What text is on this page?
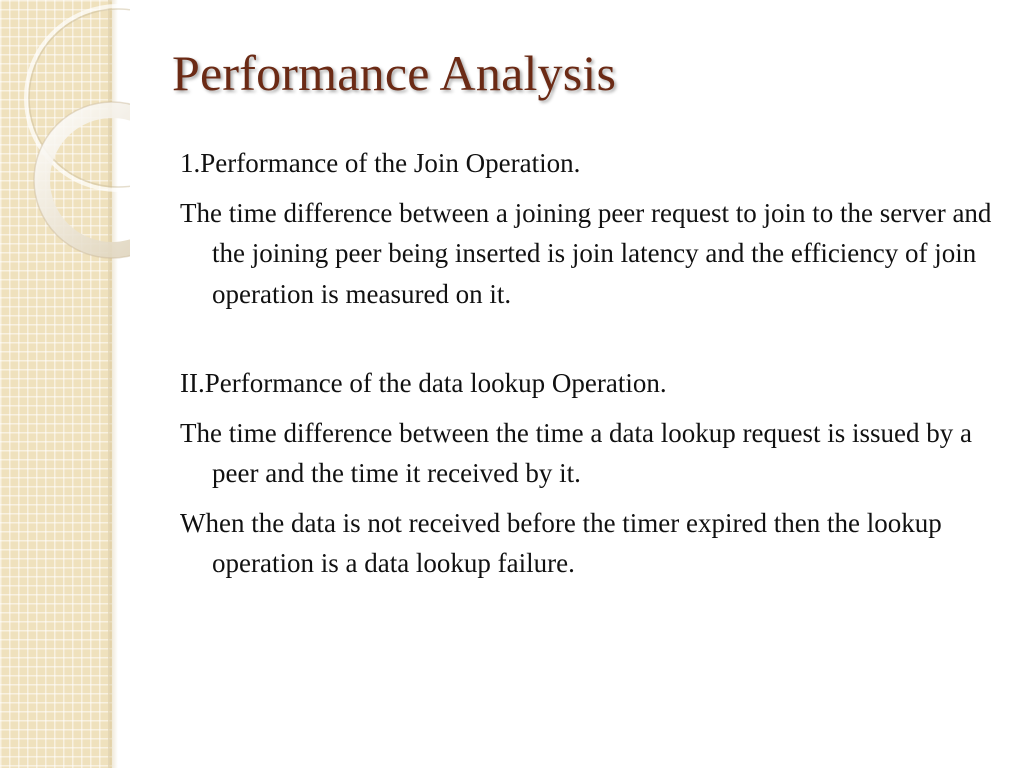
Performance Analysis

1.Performance of the Join Operation.

The time difference between a joining peer request to join to the server and the joining peer being inserted is join latency and the efficiency of join operation is measured on it.

II.Performance of the data lookup Operation.

The time difference between the time a data lookup request is issued by a peer and the time it received by it.

When the data is not received before the timer expired then the lookup operation is a data lookup failure.
